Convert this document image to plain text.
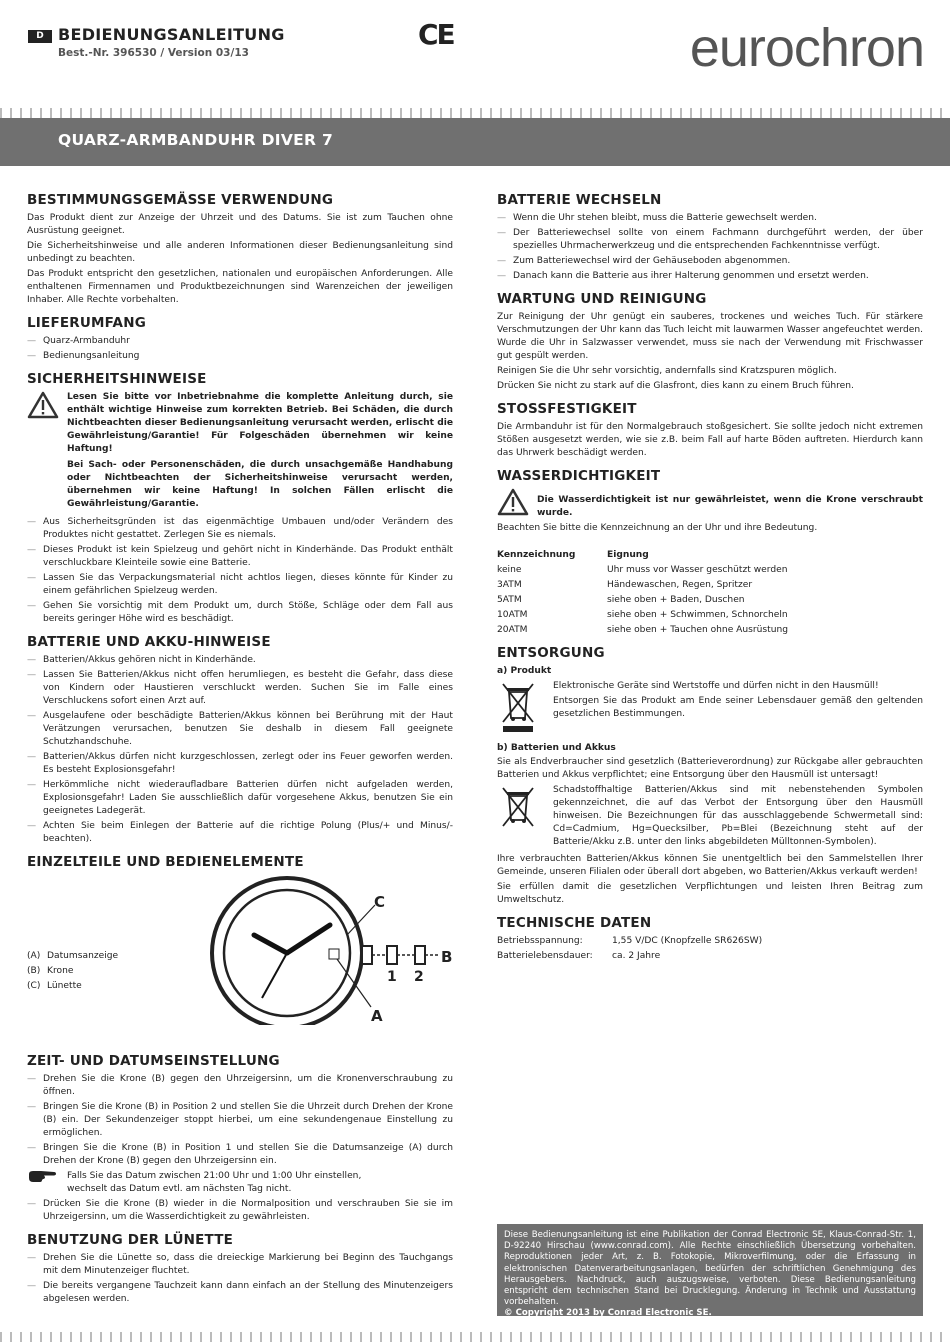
D BEDIENUNGSANLEITUNG
Best.-Nr. 396530 / Version 03/13
CE	eurochron
QUARZ-ARMBANDUHR DIVER 7
BESTIMMUNGSGEMÄSSE VERWENDUNG

Das Produkt dient zur Anzeige der Uhrzeit und des Datums. Sie ist zum Tauchen ohne Ausrüstung geeignet.

Die Sicherheitshinweise und alle anderen Informationen dieser Bedienungsanleitung sind unbedingt zu beachten.

Das Produkt entspricht den gesetzlichen, nationalen und europäischen Anforderungen. Alle enthaltenen Firmennamen und Produktbezeichnungen sind Warenzeichen der jeweiligen Inhaber. Alle Rechte vorbehalten.

LIEFERUMFANG
— Quarz-Armbanduhr
— Bedienungsanleitung
SICHERHEITSHINWEISE

Lesen Sie bitte vor Inbetriebnahme die komplette Anleitung durch, sie enthält wichtige Hinweise zum korrekten Betrieb. Bei Schäden, die durch Nichtbeachten dieser Bedienungsanleitung verursacht werden, erlischt die Gewährleistung/Garantie! Für Folgeschäden übernehmen wir keine Haftung!

Bei Sach- oder Personenschäden, die durch unsachgemäße Handhabung oder Nichtbeachten der Sicherheitshinweise verursacht werden, übernehmen wir keine Haftung! In solchen Fällen erlischt die Gewährleistung/Garantie.

— Aus Sicherheitsgründen ist das eigenmächtige Umbauen und/oder Verändern des Produktes nicht gestattet. Zerlegen Sie es niemals.
— Dieses Produkt ist kein Spielzeug und gehört nicht in Kinderhände. Das Produkt enthält verschluckbare Kleinteile sowie eine Batterie.
— Lassen Sie das Verpackungsmaterial nicht achtlos liegen, dieses könnte für Kinder zu einem gefährlichen Spielzeug werden.
— Gehen Sie vorsichtig mit dem Produkt um, durch Stöße, Schläge oder dem Fall aus bereits geringer Höhe wird es beschädigt.
BATTERIE UND AKKU-HINWEISE
— Batterien/Akkus gehören nicht in Kinderhände.
— Lassen Sie Batterien/Akkus nicht offen herumliegen, es besteht die Gefahr, dass diese von Kindern oder Haustieren verschluckt werden. Suchen Sie im Falle eines Verschluckens sofort einen Arzt auf.
— Ausgelaufene oder beschädigte Batterien/Akkus können bei Berührung mit der Haut Verätzungen verursachen, benutzen Sie deshalb in diesem Fall geeignete Schutzhandschuhe.
— Batterien/Akkus dürfen nicht kurzgeschlossen, zerlegt oder ins Feuer geworfen werden. Es besteht Explosionsgefahr!
— Herkömmliche nicht wiederaufladbare Batterien dürfen nicht aufgeladen werden, Explosionsgefahr! Laden Sie ausschließlich dafür vorgesehene Akkus, benutzen Sie ein geeignetes Ladegerät.
— Achten Sie beim Einlegen der Batterie auf die richtige Polung (Plus/+ und Minus/- beachten).
EINZELTEILE UND BEDIENELEMENTE
(A) Datumsanzeige
(B) Krone
(C) Lünette
C
B
1 2
A
ZEIT- UND DATUMSEINSTELLUNG
— Drehen Sie die Krone (B) gegen den Uhrzeigersinn, um die Kronenverschraubung zu öffnen.
— Bringen Sie die Krone (B) in Position 2 und stellen Sie die Uhrzeit durch Drehen der Krone (B) ein. Der Sekundenzeiger stoppt hierbei, um eine sekundengenaue Einstellung zu ermöglichen.
— Bringen Sie die Krone (B) in Position 1 und stellen Sie die Datumsanzeige (A) durch Drehen der Krone (B) gegen den Uhrzeigersinn ein.
Falls Sie das Datum zwischen 21:00 Uhr und 1:00 Uhr einstellen,
wechselt das Datum evtl. am nächsten Tag nicht.
— Drücken Sie die Krone (B) wieder in die Normalposition und verschrauben Sie sie im Uhrzeigersinn, um die Wasserdichtigkeit zu gewährleisten.
BENUTZUNG DER LÜNETTE
— Drehen Sie die Lünette so, dass die dreieckige Markierung bei Beginn des Tauchgangs mit dem Minutenzeiger fluchtet.
— Die bereits vergangene Tauchzeit kann dann einfach an der Stellung des Minutenzeigers abgelesen werden.
BATTERIE WECHSELN
— Wenn die Uhr stehen bleibt, muss die Batterie gewechselt werden.
— Der Batteriewechsel sollte von einem Fachmann durchgeführt werden, der über spezielles Uhrmacherwerkzeug und die entsprechenden Fachkenntnisse verfügt.
— Zum Batteriewechsel wird der Gehäuseboden abgenommen.
— Danach kann die Batterie aus ihrer Halterung genommen und ersetzt werden.
WARTUNG UND REINIGUNG

Zur Reinigung der Uhr genügt ein sauberes, trockenes und weiches Tuch. Für stärkere Verschmutzungen der Uhr kann das Tuch leicht mit lauwarmen Wasser angefeuchtet werden. Wurde die Uhr in Salzwasser verwendet, muss sie nach der Verwendung mit Frischwasser gut gespült werden.

Reinigen Sie die Uhr sehr vorsichtig, andernfalls sind Kratzspuren möglich.

Drücken Sie nicht zu stark auf die Glasfront, dies kann zu einem Bruch führen.

STOSSFESTIGKEIT

Die Armbanduhr ist für den Normalgebrauch stoßgesichert. Sie sollte jedoch nicht extremen Stößen ausgesetzt werden, wie sie z.B. beim Fall auf harte Böden auftreten. Hierdurch kann das Uhrwerk beschädigt werden.

WASSERDICHTIGKEIT
Die Wasserdichtigkeit ist nur gewährleistet, wenn die Krone verschraubt wurde.

Beachten Sie bitte die Kennzeichnung an der Uhr und ihre Bedeutung.

Kennzeichnung	Eignung
keine	Uhr muss vor Wasser geschützt werden
3ATM	Händewaschen, Regen, Spritzer
5ATM	siehe oben + Baden, Duschen
10ATM	siehe oben + Schwimmen, Schnorcheln
20ATM	siehe oben + Tauchen ohne Ausrüstung
ENTSORGUNG
a) Produkt

Elektronische Geräte sind Wertstoffe und dürfen nicht in den Hausmüll!

Entsorgen Sie das Produkt am Ende seiner Lebensdauer gemäß den geltenden gesetzlichen Bestimmungen.

b) Batterien und Akkus

Sie als Endverbraucher sind gesetzlich (Batterieverordnung) zur Rückgabe aller gebrauchten Batterien und Akkus verpflichtet; eine Entsorgung über den Hausmüll ist untersagt!

Schadstoffhaltige Batterien/Akkus sind mit nebenstehenden Symbolen gekennzeichnet, die auf das Verbot der Entsorgung über den Hausmüll hinweisen. Die Bezeichnungen für das ausschlaggebende Schwermetall sind: Cd=Cadmium, Hg=Quecksilber, Pb=Blei (Bezeichnung steht auf der Batterie/Akku z.B. unter den links abgebildeten Mülltonnen-Symbolen).

Ihre verbrauchten Batterien/Akkus können Sie unentgeltlich bei den Sammelstellen Ihrer Gemeinde, unseren Filialen oder überall dort abgeben, wo Batterien/Akkus verkauft werden!

Sie erfüllen damit die gesetzlichen Verpflichtungen und leisten Ihren Beitrag zum Umweltschutz.

TECHNISCHE DATEN
Betriebsspannung:	1,55 V/DC (Knopfzelle SR626SW)
Batterielebensdauer:	ca. 2 Jahre
Diese Bedienungsanleitung ist eine Publikation der Conrad Electronic SE, Klaus-Conrad-Str. 1, D-92240 Hirschau (www.conrad.com). Alle Rechte einschließlich Übersetzung vorbehalten. Reproduktionen jeder Art, z. B. Fotokopie, Mikroverfilmung, oder die Erfassung in elektronischen Datenverarbeitungsanlagen, bedürfen der schriftlichen Genehmigung des Herausgebers. Nachdruck, auch auszugsweise, verboten. Diese Bedienungsanleitung entspricht dem technischen Stand bei Drucklegung. Änderung in Technik und Ausstattung vorbehalten.
© Copyright 2013 by Conrad Electronic SE.
